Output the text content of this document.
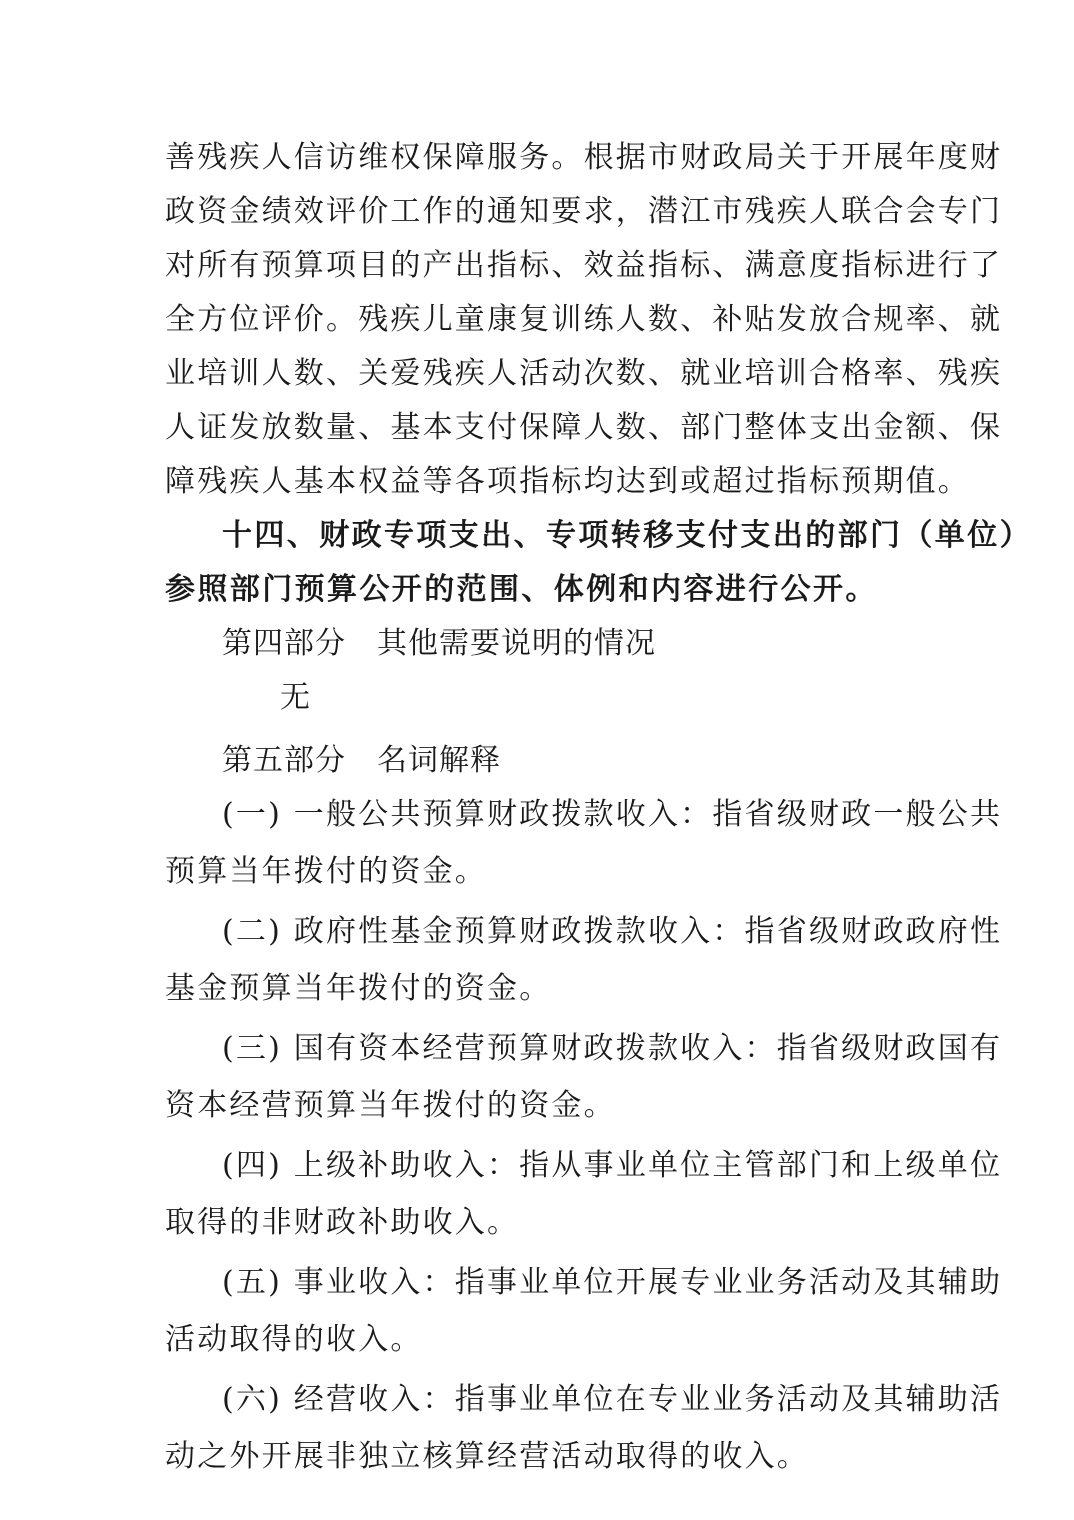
善残疾人信访维权保障服务。根据市财政局关于开展年度财
政资金绩效评价工作的通知要求，潜江市残疾人联合会专门
对所有预算项目的产出指标、效益指标、满意度指标进行了
全方位评价。残疾儿童康复训练人数、补贴发放合规率、就
业培训人数、关爱残疾人活动次数、就业培训合格率、残疾
人证发放数量、基本支付保障人数、部门整体支出金额、保
障残疾人基本权益等各项指标均达到或超过指标预期值。
十四、财政专项支出、专项转移支付支出的部门（单位）
参照部门预算公开的范围、体例和内容进行公开。
第四部分　其他需要说明的情况
无
第五部分　名词解释
(一) 一般公共预算财政拨款收入：指省级财政一般公共
预算当年拨付的资金。
(二) 政府性基金预算财政拨款收入：指省级财政政府性
基金预算当年拨付的资金。
(三) 国有资本经营预算财政拨款收入：指省级财政国有
资本经营预算当年拨付的资金。
(四) 上级补助收入：指从事业单位主管部门和上级单位
取得的非财政补助收入。
(五) 事业收入：指事业单位开展专业业务活动及其辅助
活动取得的收入。
(六) 经营收入：指事业单位在专业业务活动及其辅助活
动之外开展非独立核算经营活动取得的收入。
